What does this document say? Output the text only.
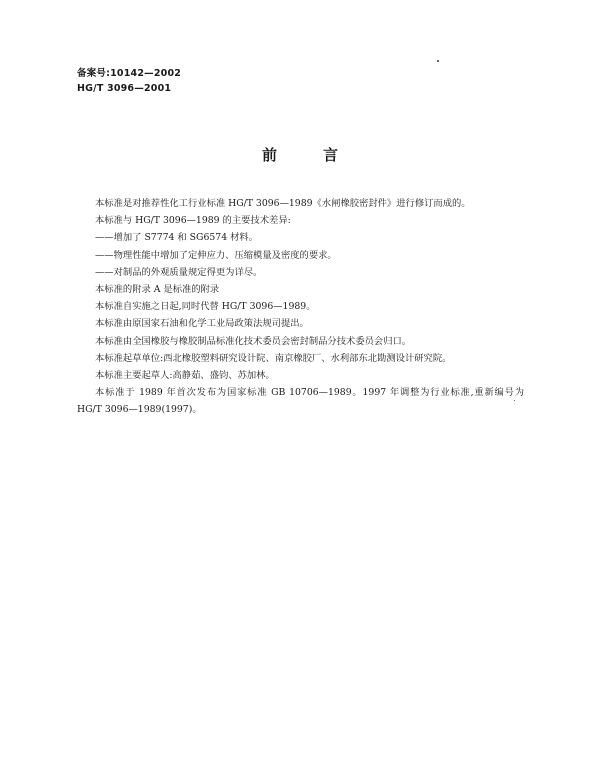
备案号:10142—2002
HG/T 3096—2001
前言

本标准是对推荐性化工行业标准 HG/T 3096—1989《水闸橡胶密封件》进行修订而成的。

本标准与 HG/T 3096—1989 的主要技术差异:

——增加了 S7774 和 SG6574 材料。

——物理性能中增加了定伸应力、压缩模量及密度的要求。

——对制品的外观质量规定得更为详尽。

本标准的附录 A 是标准的附录

本标准自实施之日起,同时代替 HG/T 3096—1989。

本标准由原国家石油和化学工业局政策法规司提出。

本标准由全国橡胶与橡胶制品标准化技术委员会密封制品分技术委员会归口。

本标准起草单位:西北橡胶塑料研究设计院、南京橡胶厂、水利部东北勘测设计研究院。

本标准主要起草人:高静茹、盛钧、苏加林。

本标准于 1989 年首次发布为国家标准 GB 10706—1989。1997 年调整为行业标准,重新编号为 HG/T 3096—1989(1997)。
